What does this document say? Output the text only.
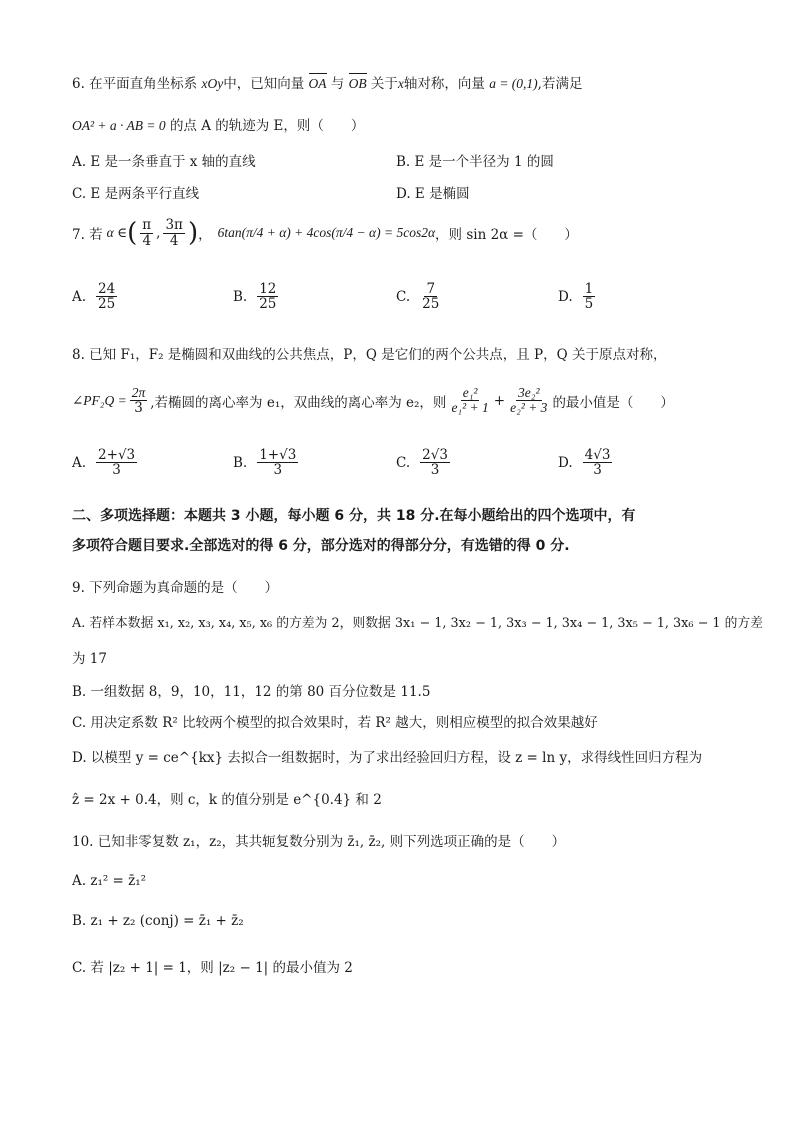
6. 在平面直角坐标系 xOy中，已知向量 OA 与 OB 关于x轴对称，向量 a = (0,1),若满足
OA² + a · AB = 0 的点 A 的轨迹为 E，则（　　）
A. E 是一条垂直于 x 轴的直线	B. E 是一个半径为 1 的圆
C. E 是两条平行直线	D. E 是椭圆
7. 若 α ∈ ( $\frac{\pi}{4}$ , $\frac{3\pi}{4}$ ) ， 6tan(π/4 + α) + 4cos(π/4 − α) = 5cos2α ，则 sin 2α =（　　）
A. $\frac{24}{25}$	B. $\frac{12}{25}$	C. $\frac{7}{25}$	D. $\frac{1}{5}$
8. 已知 F₁，F₂ 是椭圆和双曲线的公共焦点，P，Q 是它们的两个公共点，且 P，Q 关于原点对称，
∠PF₂Q = $\frac{2\pi}{3}$ ,若椭圆的离心率为 e₁，双曲线的离心率为 e₂，则 $\frac{\text{e₁²}}{\text{e₁² + 1}} + \frac{\text{3e₂²}}{\text{e₂² + 3}}$ 的最小值是（　　）
A. $\frac{2+√3}{3}$	B. $\frac{1+√3}{3}$	C. $\frac{2√3}{3}$	D. $\frac{4√3}{3}$
二、多项选择题：本题共 3 小题，每小题 6 分，共 18 分.在每小题给出的四个选项中，有
多项符合题目要求.全部选对的得 6 分，部分选对的得部分分，有选错的得 0 分.
9. 下列命题为真命题的是（　　）
A. 若样本数据 x₁, x₂, x₃, x₄, x₅, x₆ 的方差为 2，则数据 3x₁ − 1, 3x₂ − 1, 3x₃ − 1, 3x₄ − 1, 3x₅ − 1, 3x₆ − 1 的方差
为 17
B. 一组数据 8，9，10，11，12 的第 80 百分位数是 11.5
C. 用决定系数 R² 比较两个模型的拟合效果时，若 R² 越大，则相应模型的拟合效果越好
D. 以模型 y = ce^{kx} 去拟合一组数据时，为了求出经验回归方程，设 z = ln y，求得线性回归方程为
ẑ = 2x + 0.4，则 c，k 的值分别是 e^{0.4} 和 2
10. 已知非零复数 z₁，z₂，其共轭复数分别为 z̄₁, z̄₂, 则下列选项正确的是（　　）
A. z₁² = z̄₁²
B. z₁ + z₂ (conj) = z̄₁ + z̄₂
C. 若 |z₂ + 1| = 1，则 |z₂ − 1| 的最小值为 2
